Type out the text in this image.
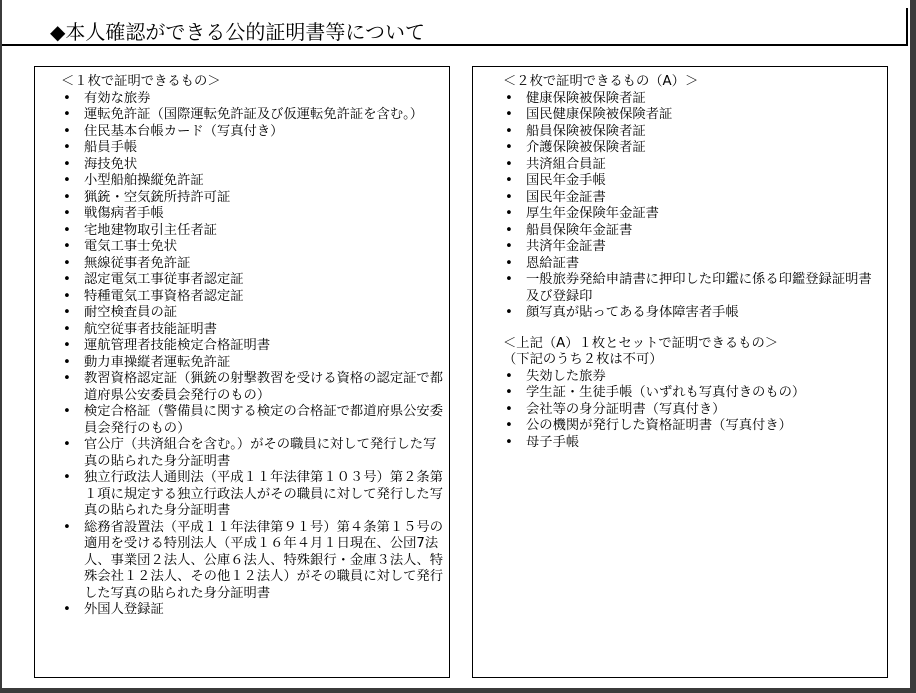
◆本人確認ができる公的証明書等について
＜１枚で証明できるもの＞
• 有効な旅券
• 運転免許証（国際運転免許証及び仮運転免許証を含む。）
• 住民基本台帳カード（写真付き）
• 船員手帳
• 海技免状
• 小型船舶操縦免許証
• 猟銃・空気銃所持許可証
• 戦傷病者手帳
• 宅地建物取引主任者証
• 電気工事士免状
• 無線従事者免許証
• 認定電気工事従事者認定証
• 特種電気工事資格者認定証
• 耐空検査員の証
• 航空従事者技能証明書
• 運航管理者技能検定合格証明書
• 動力車操縦者運転免許証
• 教習資格認定証（猟銃の射撃教習を受ける資格の認定証で都道府県公安委員会発行のもの）
• 検定合格証（警備員に関する検定の合格証で都道府県公安委員会発行のもの）
• 官公庁（共済組合を含む。）がその職員に対して発行した写真の貼られた身分証明書
• 独立行政法人通則法（平成１１年法律第１０３号）第２条第１項に規定する独立行政法人がその職員に対して発行した写真の貼られた身分証明書
• 総務省設置法（平成１１年法律第９１号）第４条第１５号の適用を受ける特別法人（平成１６年４月１日現在、公団7法人、事業団２法人、公庫６法人、特殊銀行・金庫３法人、特殊会社１２法人、その他１２法人）がその職員に対して発行した写真の貼られた身分証明書
• 外国人登録証
＜２枚で証明できるもの（A）＞
• 健康保険被保険者証
• 国民健康保険被保険者証
• 船員保険被保険者証
• 介護保険被保険者証
• 共済組合員証
• 国民年金手帳
• 国民年金証書
• 厚生年金保険年金証書
• 船員保険年金証書
• 共済年金証書
• 恩給証書
• 一般旅券発給申請書に押印した印鑑に係る印鑑登録証明書及び登録印
• 顔写真が貼ってある身体障害者手帳
＜上記（A）１枚とセットで証明できるもの＞
（下記のうち２枚は不可）
• 失効した旅券
• 学生証・生徒手帳（いずれも写真付きのもの）
• 会社等の身分証明書（写真付き）
• 公の機関が発行した資格証明書（写真付き）
• 母子手帳
